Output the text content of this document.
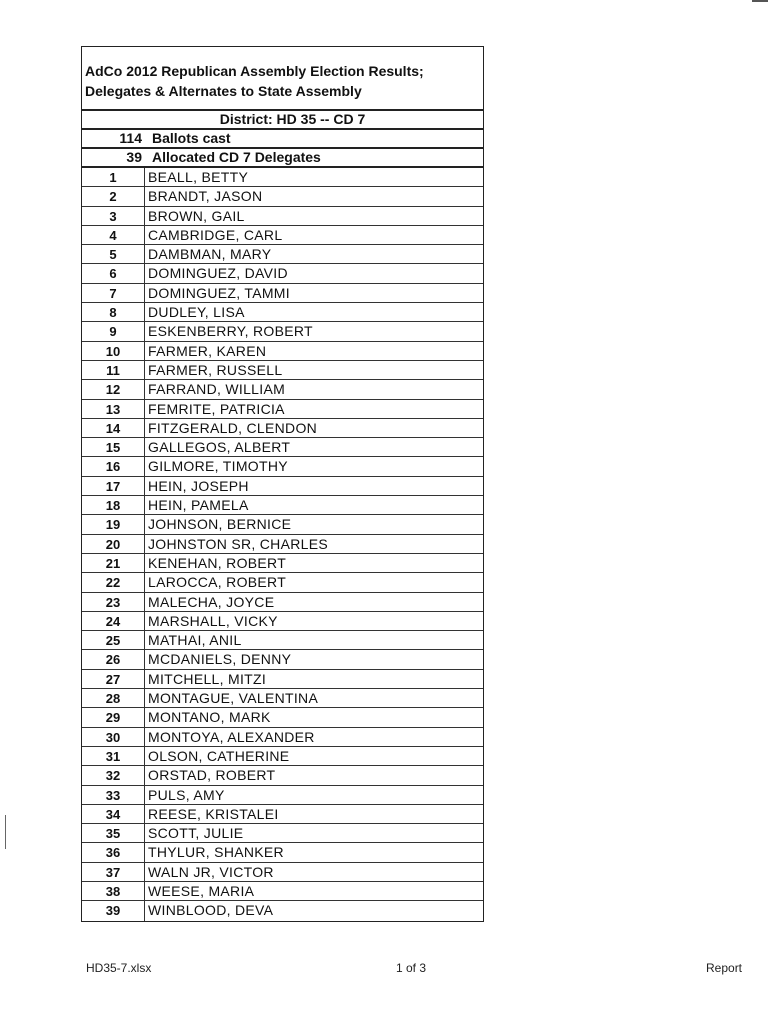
AdCo 2012 Republican Assembly Election Results;
Delegates & Alternates to State Assembly
District: HD 35 -- CD 7
114 Ballots cast
39 Allocated CD 7 Delegates
1	BEALL, BETTY
2	BRANDT, JASON
3	BROWN, GAIL
4	CAMBRIDGE, CARL
5	DAMBMAN, MARY
6	DOMINGUEZ, DAVID
7	DOMINGUEZ, TAMMI
8	DUDLEY, LISA
9	ESKENBERRY, ROBERT
10	FARMER, KAREN
11	FARMER, RUSSELL
12	FARRAND, WILLIAM
13	FEMRITE, PATRICIA
14	FITZGERALD, CLENDON
15	GALLEGOS, ALBERT
16	GILMORE, TIMOTHY
17	HEIN, JOSEPH
18	HEIN, PAMELA
19	JOHNSON, BERNICE
20	JOHNSTON SR, CHARLES
21	KENEHAN, ROBERT
22	LAROCCA, ROBERT
23	MALECHA, JOYCE
24	MARSHALL, VICKY
25	MATHAI, ANIL
26	MCDANIELS, DENNY
27	MITCHELL, MITZI
28	MONTAGUE, VALENTINA
29	MONTANO, MARK
30	MONTOYA, ALEXANDER
31	OLSON, CATHERINE
32	ORSTAD, ROBERT
33	PULS, AMY
34	REESE, KRISTALEI
35	SCOTT, JULIE
36	THYLUR, SHANKER
37	WALN JR, VICTOR
38	WEESE, MARIA
39	WINBLOOD, DEVA
HD35-7.xlsx	1 of 3	Report
